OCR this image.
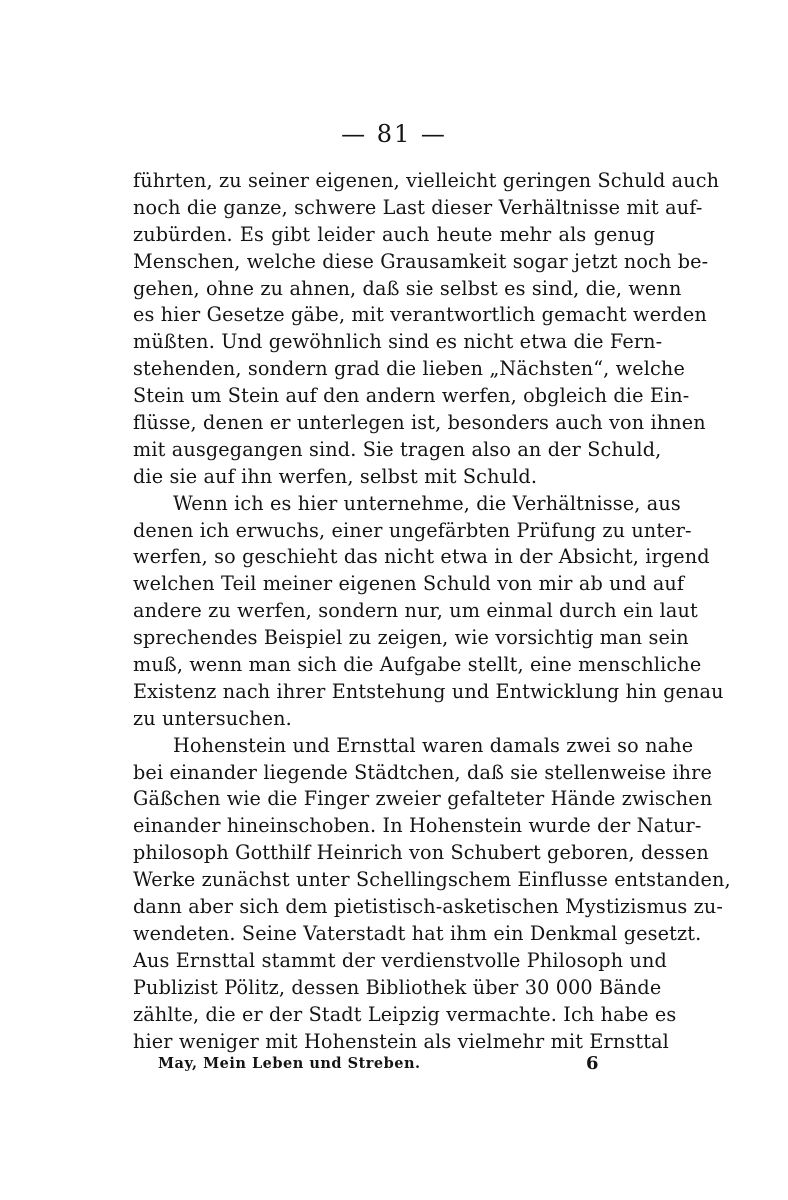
— 81 —
führten, zu seiner eigenen, vielleicht geringen Schuld auch
noch die ganze, schwere Last dieser Verhältnisse mit auf-
zubürden. Es gibt leider auch heute mehr als genug
Menschen, welche diese Grausamkeit sogar jetzt noch be-
gehen, ohne zu ahnen, daß sie selbst es sind, die, wenn
es hier Gesetze gäbe, mit verantwortlich gemacht werden
müßten. Und gewöhnlich sind es nicht etwa die Fern-
stehenden, sondern grad die lieben „Nächsten“, welche
Stein um Stein auf den andern werfen, obgleich die Ein-
flüsse, denen er unterlegen ist, besonders auch von ihnen
mit ausgegangen sind. Sie tragen also an der Schuld,
die sie auf ihn werfen, selbst mit Schuld.
Wenn ich es hier unternehme, die Verhältnisse, aus
denen ich erwuchs, einer ungefärbten Prüfung zu unter-
werfen, so geschieht das nicht etwa in der Absicht, irgend
welchen Teil meiner eigenen Schuld von mir ab und auf
andere zu werfen, sondern nur, um einmal durch ein laut
sprechendes Beispiel zu zeigen, wie vorsichtig man sein
muß, wenn man sich die Aufgabe stellt, eine menschliche
Existenz nach ihrer Entstehung und Entwicklung hin genau
zu untersuchen.
Hohenstein und Ernsttal waren damals zwei so nahe
bei einander liegende Städtchen, daß sie stellenweise ihre
Gäßchen wie die Finger zweier gefalteter Hände zwischen
einander hineinschoben. In Hohenstein wurde der Natur-
philosoph Gotthilf Heinrich von Schubert geboren, dessen
Werke zunächst unter Schellingschem Einflusse entstanden,
dann aber sich dem pietistisch-asketischen Mystizismus zu-
wendeten. Seine Vaterstadt hat ihm ein Denkmal gesetzt.
Aus Ernsttal stammt der verdienstvolle Philosoph und
Publizist Pölitz, dessen Bibliothek über 30 000 Bände
zählte, die er der Stadt Leipzig vermachte. Ich habe es
hier weniger mit Hohenstein als vielmehr mit Ernsttal
May, Mein Leben und Streben.	6
